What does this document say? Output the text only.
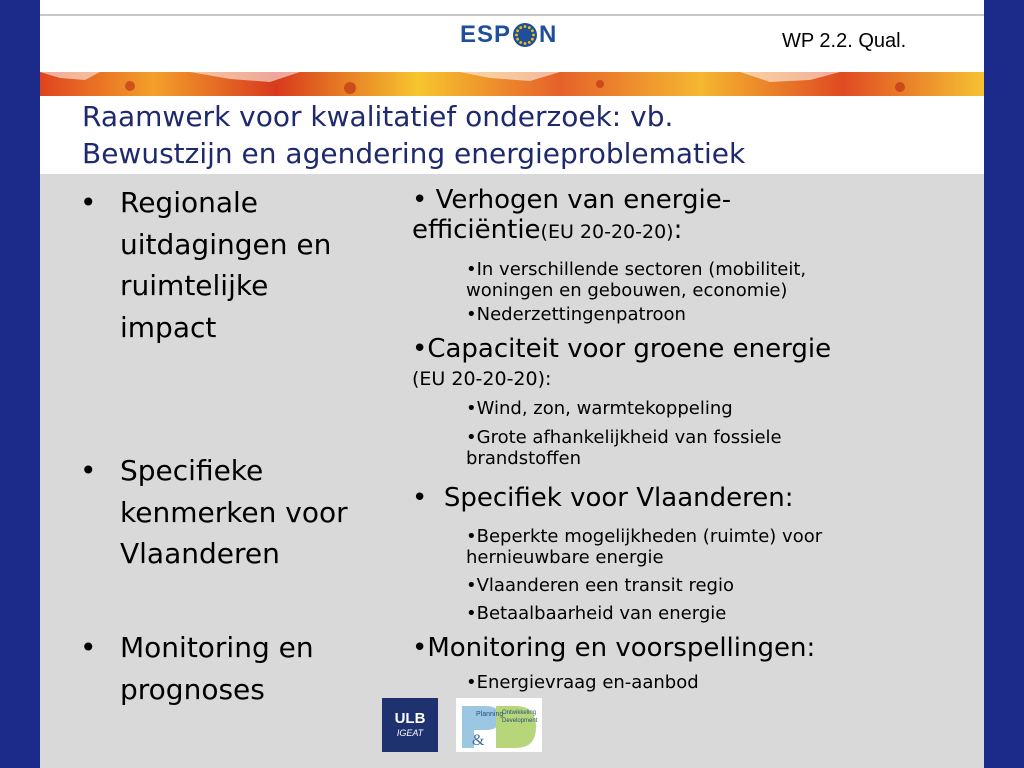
ESP N	WP 2.2. Qual.
Raamwerk voor kwalitatief onderzoek: vb.
Bewustzijn en agendering energieproblematiek
• Regionale
uitdagingen en
ruimtelijke
impact
• Specifieke
kenmerken voor
Vlaanderen
• Monitoring en
prognoses
• Verhogen van energie-
efficiëntie(EU 20-20-20):
•In verschillende sectoren (mobiliteit,
woningen en gebouwen, economie)
•Nederzettingenpatroon
•Capaciteit voor groene energie
(EU 20-20-20):
•Wind, zon, warmtekoppeling
•Grote afhankelijkheid van fossiele
brandstoffen
•  Specifiek voor Vlaanderen:
•Beperkte mogelijkheden (ruimte) voor
hernieuwbare energie
•Vlaanderen een transit regio
•Betaalbaarheid van energie
•Monitoring en voorspellingen:
•Energievraag en-aanbod
ULB
IGEAT	&
Planning
Ontwikkeling
Development
